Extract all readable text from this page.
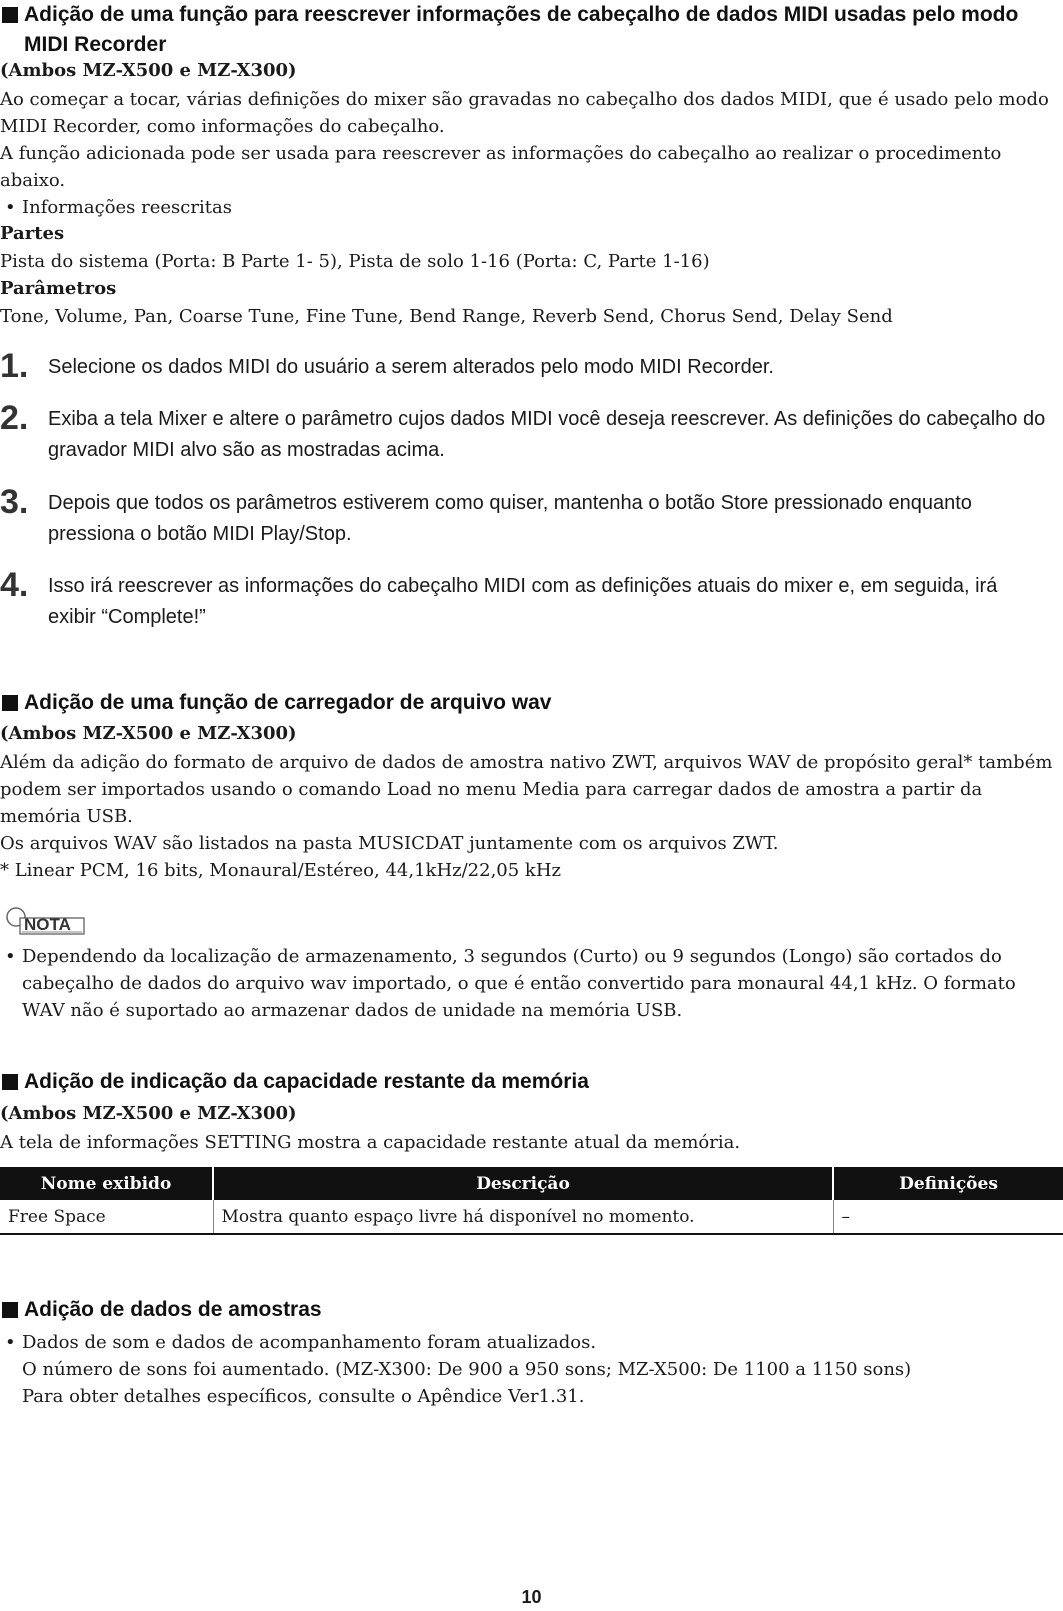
Adição de uma função para reescrever informações de cabeçalho de dados MIDI usadas pelo modo MIDI Recorder
(Ambos MZ-X500 e MZ-X300)
Ao começar a tocar, várias definições do mixer são gravadas no cabeçalho dos dados MIDI, que é usado pelo modo MIDI Recorder, como informações do cabeçalho.
A função adicionada pode ser usada para reescrever as informações do cabeçalho ao realizar o procedimento abaixo.
• Informações reescritas
Partes
Pista do sistema (Porta: B Parte 1- 5), Pista de solo 1-16 (Porta: C, Parte 1-16)
Parâmetros
Tone, Volume, Pan, Coarse Tune, Fine Tune, Bend Range, Reverb Send, Chorus Send, Delay Send
1. Selecione os dados MIDI do usuário a serem alterados pelo modo MIDI Recorder.
2. Exiba a tela Mixer e altere o parâmetro cujos dados MIDI você deseja reescrever. As definições do cabeçalho do gravador MIDI alvo são as mostradas acima.
3. Depois que todos os parâmetros estiverem como quiser, mantenha o botão Store pressionado enquanto pressiona o botão MIDI Play/Stop.
4. Isso irá reescrever as informações do cabeçalho MIDI com as definições atuais do mixer e, em seguida, irá exibir “Complete!”
Adição de uma função de carregador de arquivo wav
(Ambos MZ-X500 e MZ-X300)
Além da adição do formato de arquivo de dados de amostra nativo ZWT, arquivos WAV de propósito geral* também podem ser importados usando o comando Load no menu Media para carregar dados de amostra a partir da memória USB.
Os arquivos WAV são listados na pasta MUSICDAT juntamente com os arquivos ZWT.
* Linear PCM, 16 bits, Monaural/Estéreo, 44,1kHz/22,05 kHz
NOTA
• Dependendo da localização de armazenamento, 3 segundos (Curto) ou 9 segundos (Longo) são cortados do cabeçalho de dados do arquivo wav importado, o que é então convertido para monaural 44,1 kHz. O formato WAV não é suportado ao armazenar dados de unidade na memória USB.
Adição de indicação da capacidade restante da memória
(Ambos MZ-X500 e MZ-X300)
A tela de informações SETTING mostra a capacidade restante atual da memória.
Nome exibido	Descrição	Definições
Free Space	Mostra quanto espaço livre há disponível no momento.	–
Adição de dados de amostras
• Dados de som e dados de acompanhamento foram atualizados.
O número de sons foi aumentado. (MZ-X300: De 900 a 950 sons; MZ-X500: De 1100 a 1150 sons)
Para obter detalhes específicos, consulte o Apêndice Ver1.31.
10
